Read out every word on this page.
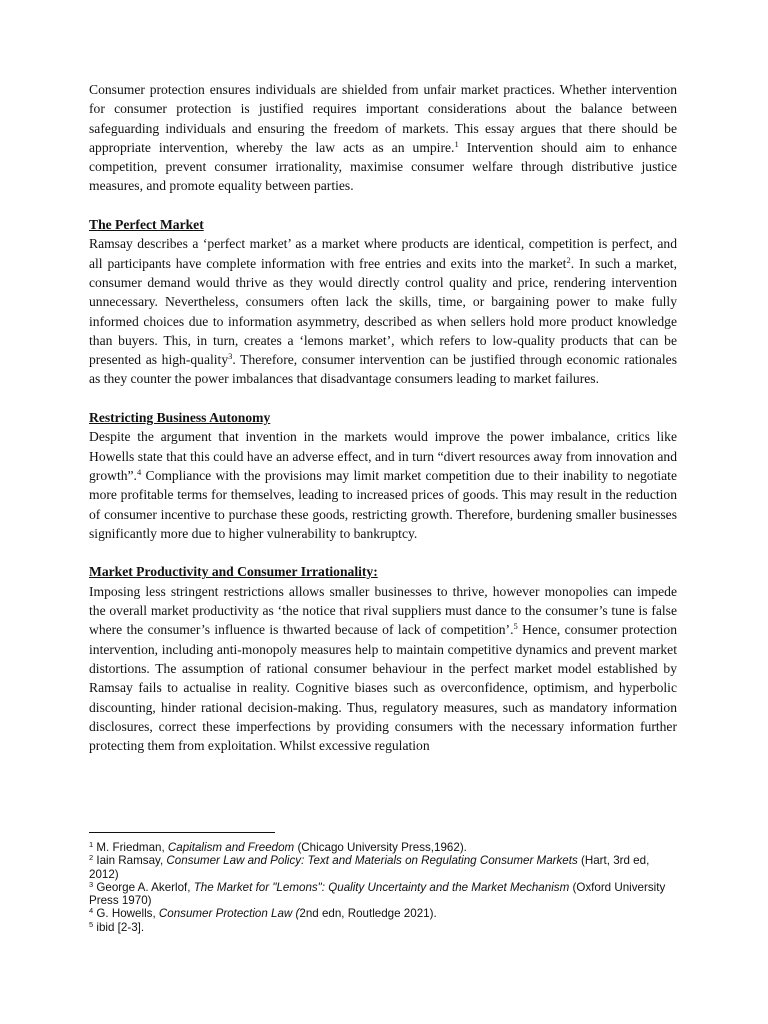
Consumer protection ensures individuals are shielded from unfair market practices. Whether intervention for consumer protection is justified requires important considerations about the balance between safeguarding individuals and ensuring the freedom of markets. This essay argues that there should be appropriate intervention, whereby the law acts as an umpire.$^1$ Intervention should aim to enhance competition, prevent consumer irrationality, maximise consumer welfare through distributive justice measures, and promote equality between parties.

The Perfect Market

Ramsay describes a ‘perfect market’ as a market where products are identical, competition is perfect, and all participants have complete information with free entries and exits into the market$^2$. In such a market, consumer demand would thrive as they would directly control quality and price, rendering intervention unnecessary. Nevertheless, consumers often lack the skills, time, or bargaining power to make fully informed choices due to information asymmetry, described as when sellers hold more product knowledge than buyers. This, in turn, creates a ‘lemons market’, which refers to low-quality products that can be presented as high-quality$^3$. Therefore, consumer intervention can be justified through economic rationales as they counter the power imbalances that disadvantage consumers leading to market failures.

Restricting Business Autonomy

Despite the argument that invention in the markets would improve the power imbalance, critics like Howells state that this could have an adverse effect, and in turn “divert resources away from innovation and growth”.$^4$ Compliance with the provisions may limit market competition due to their inability to negotiate more profitable terms for themselves, leading to increased prices of goods. This may result in the reduction of consumer incentive to purchase these goods, restricting growth. Therefore, burdening smaller businesses significantly more due to higher vulnerability to bankruptcy.

Market Productivity and Consumer Irrationality:

Imposing less stringent restrictions allows smaller businesses to thrive, however monopolies can impede the overall market productivity as ‘the notice that rival suppliers must dance to the consumer’s tune is false where the consumer’s influence is thwarted because of lack of competition’.$^5$ Hence, consumer protection intervention, including anti-monopoly measures help to maintain competitive dynamics and prevent market distortions. The assumption of rational consumer behaviour in the perfect market model established by Ramsay fails to actualise in reality. Cognitive biases such as overconfidence, optimism, and hyperbolic discounting, hinder rational decision-making. Thus, regulatory measures, such as mandatory information disclosures, correct these imperfections by providing consumers with the necessary information further protecting them from exploitation. Whilst excessive regulation

$^1$ M. Friedman, Capitalism and Freedom (Chicago University Press,1962).

$^2$ Iain Ramsay, Consumer Law and Policy: Text and Materials on Regulating Consumer Markets (Hart, 3rd ed, 2012)

$^3$ George A. Akerlof, The Market for "Lemons": Quality Uncertainty and the Market Mechanism (Oxford University Press 1970)

$^4$ G. Howells, Consumer Protection Law (2nd edn, Routledge 2021).

$^5$ ibid [2-3].
